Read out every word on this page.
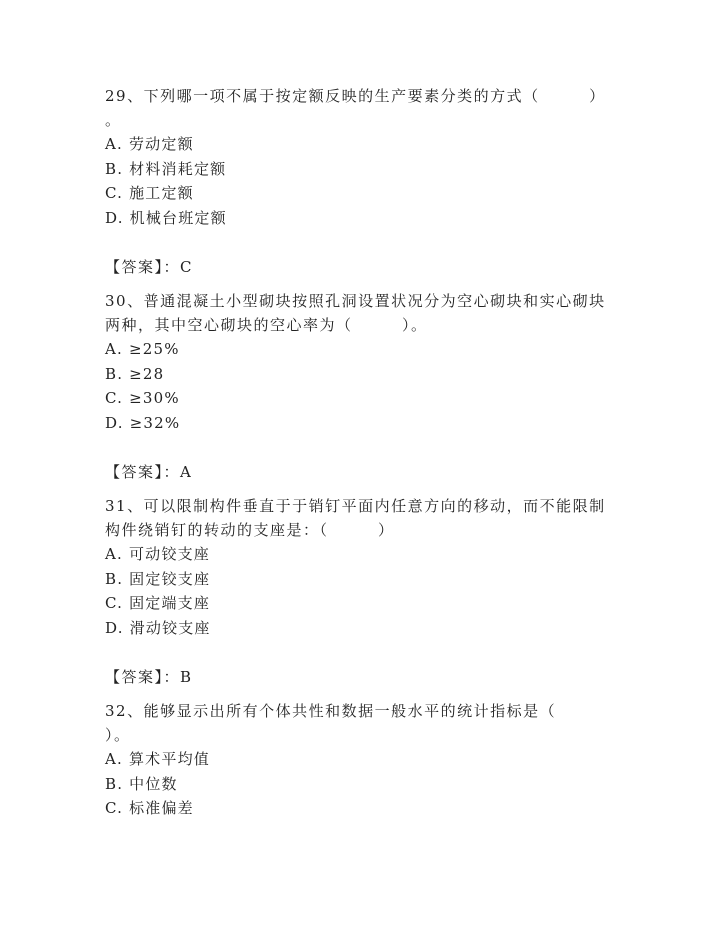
29、下列哪一项不属于按定额反映的生产要素分类的方式（　　　）

。

A. 劳动定额

B. 材料消耗定额

C. 施工定额

D. 机械台班定额

【答案】：C

30、普通混凝土小型砌块按照孔洞设置状况分为空心砌块和实心砌块

两种，其中空心砌块的空心率为（　　　）。

A. ≥25%

B. ≥28

C. ≥30%

D. ≥32%

【答案】：A

31、可以限制构件垂直于于销钉平面内任意方向的移动，而不能限制

构件绕销钉的转动的支座是：（　　　）

A. 可动铰支座

B. 固定铰支座

C. 固定端支座

D. 滑动铰支座

【答案】：B

32、能够显示出所有个体共性和数据一般水平的统计指标是（

）。

A. 算术平均值

B. 中位数

C. 标准偏差
